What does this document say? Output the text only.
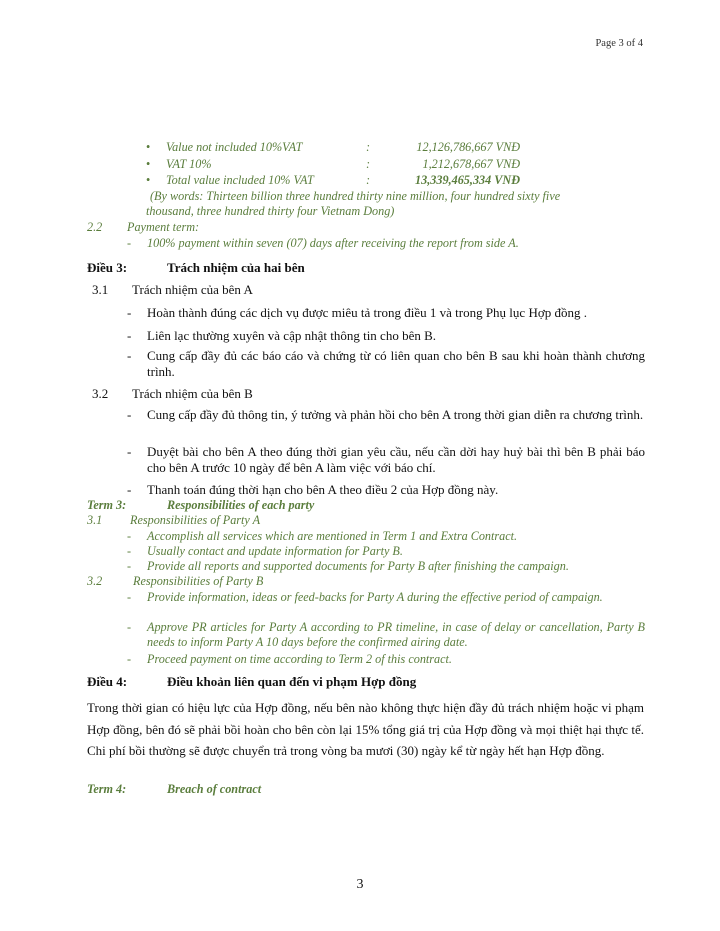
Page 3 of 4
• Value not included 10%VAT	:	12,126,786,667 VNĐ
• VAT 10%	:	1,212,678,667 VNĐ
• Total value included 10% VAT	:	13,339,465,334 VNĐ
(By words: Thirteen billion three hundred thirty nine million, four hundred sixty five
thousand, three hundred thirty four Vietnam Dong)
2.2 Payment term:
- 100% payment within seven (07) days after receiving the report from side A.
Điều 3:	Trách nhiệm của hai bên
3.1 Trách nhiệm của bên A
- Hoàn thành đúng các dịch vụ được miêu tả trong điều 1 và trong Phụ lục Hợp đồng .
- Liên lạc thường xuyên và cập nhật thông tin cho bên B.
- Cung cấp đầy đủ các báo cáo và chứng từ có liên quan cho bên B sau khi hoàn thành chương trình.
3.2 Trách nhiệm của bên B
- Cung cấp đầy đủ thông tin, ý tưởng và phản hồi cho bên A trong thời gian diễn ra chương trình.
- Duyệt bài cho bên A theo đúng thời gian yêu cầu, nếu cần dời hay huỷ bài thì bên B phải báo cho bên A trước 10 ngày để bên A làm việc với báo chí.
- Thanh toán đúng thời hạn cho bên A theo điều 2 của Hợp đồng này.
Term 3:	Responsibilities of each party
3.1 Responsibilities of Party A
- Accomplish all services which are mentioned in Term 1 and Extra Contract.
- Usually contact and update information for Party B.
- Provide all reports and supported documents for Party B after finishing the campaign.
3.2	Responsibilities of Party B
- Provide information, ideas or feed-backs for Party A during the effective period of campaign.
- Approve PR articles for Party A according to PR timeline, in case of delay or cancellation, Party B needs to inform Party A 10 days before the confirmed airing date.
- Proceed payment on time according to Term 2 of this contract.
Điều 4:	Điều khoản liên quan đến vi phạm Hợp đồng
Trong thời gian có hiệu lực của Hợp đồng, nếu bên nào không thực hiện đầy đủ trách nhiệm hoặc vi phạm Hợp đồng, bên đó sẽ phải bồi hoàn cho bên còn lại 15% tổng giá trị của Hợp đồng và mọi thiệt hại thực tế. Chi phí bồi thường sẽ được chuyển trả trong vòng ba mươi (30) ngày kể từ ngày hết hạn Hợp đồng.
Term 4:	Breach of contract
3
